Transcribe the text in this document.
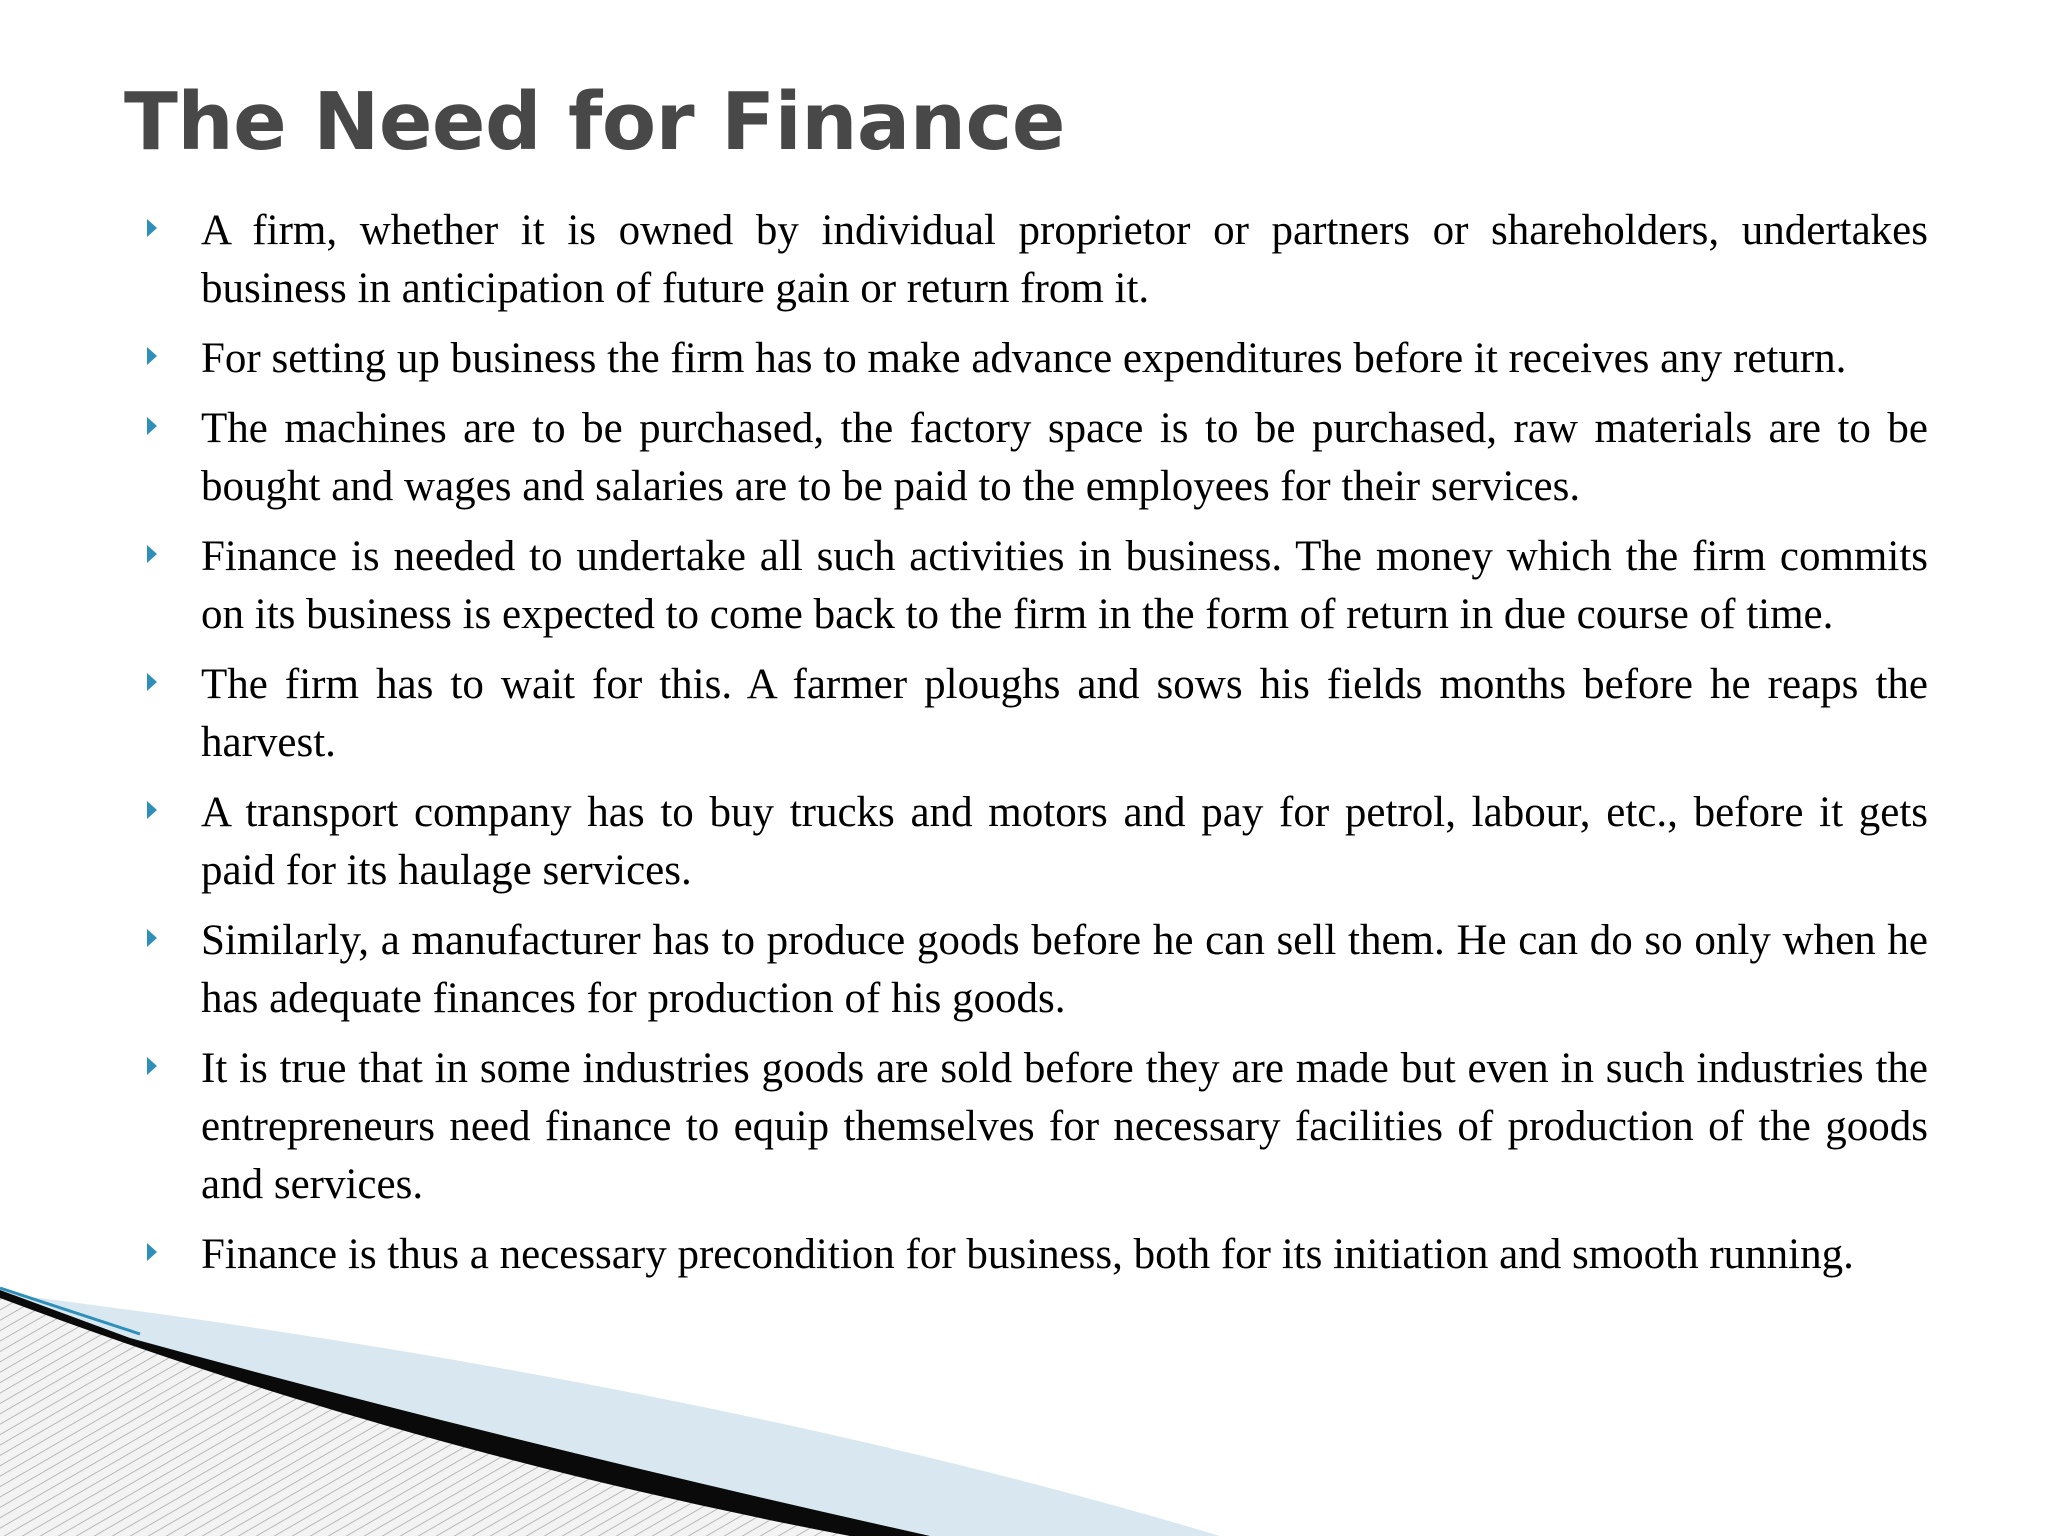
The Need for Finance
A firm, whether it is owned by individual proprietor or partners or shareholders, undertakes business in anticipation of future gain or return from it.
For setting up business the firm has to make advance expenditures before it receives any return.
The machines are to be purchased, the factory space is to be purchased, raw materials are to be bought and wages and salaries are to be paid to the employees for their services.
Finance is needed to undertake all such activities in business. The money which the firm commits on its business is expected to come back to the firm in the form of return in due course of time.
The firm has to wait for this. A farmer ploughs and sows his fields months before he reaps the harvest.
A transport company has to buy trucks and motors and pay for petrol, labour, etc., before it gets paid for its haulage services.
Similarly, a manufacturer has to produce goods before he can sell them. He can do so only when he has adequate finances for production of his goods.
It is true that in some industries goods are sold before they are made but even in such industries the entrepreneurs need finance to equip themselves for necessary facilities of production of the goods and services.
Finance is thus a necessary precondition for business, both for its initiation and smooth running.
